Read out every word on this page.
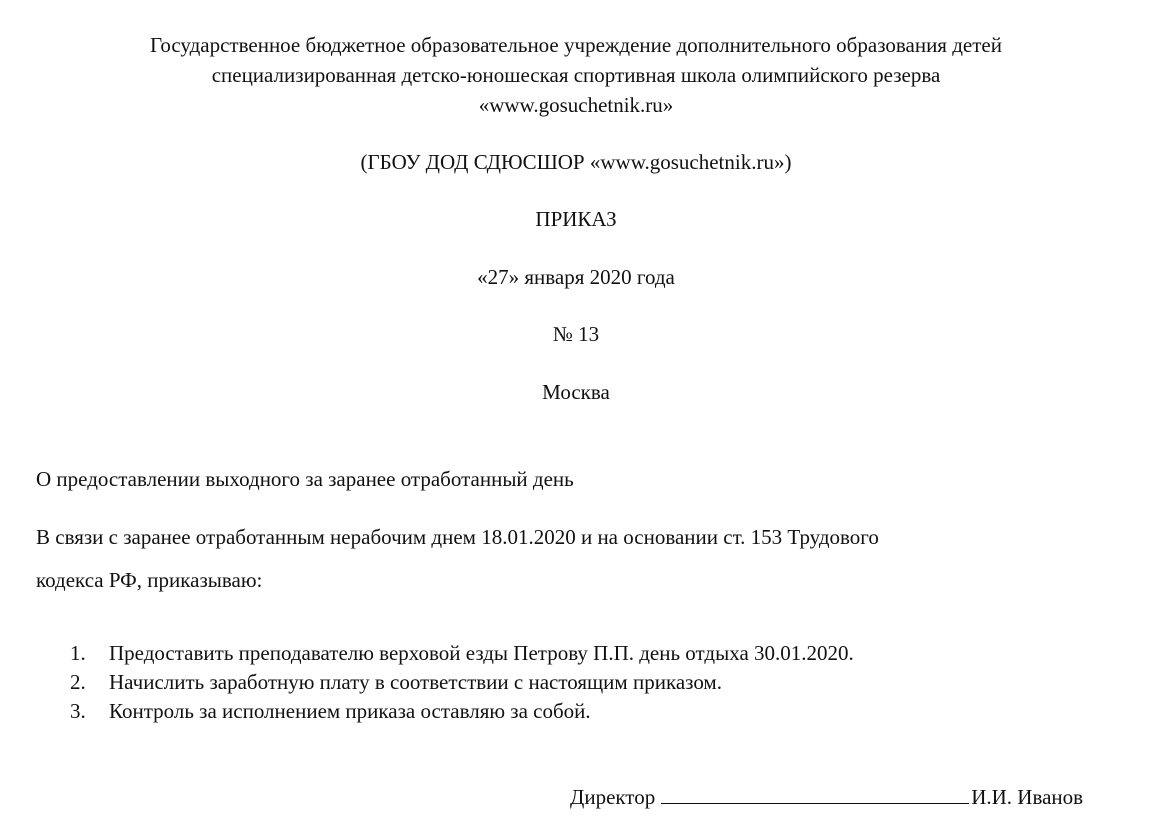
Государственное бюджетное образовательное учреждение дополнительного образования детей
специализированная детско-юношеская спортивная школа олимпийского резерва
«www.gosuchetnik.ru»
(ГБОУ ДОД СДЮСШОР «www.gosuchetnik.ru»)
ПРИКАЗ
«27» января 2020 года
№ 13
Москва
О предоставлении выходного за заранее отработанный день
В связи с заранее отработанным нерабочим днем 18.01.2020 и на основании ст. 153 Трудового
кодекса РФ, приказываю:
1. Предоставить преподавателю верховой езды Петрову П.П. день отдыха 30.01.2020.
2. Начислить заработную плату в соответствии с настоящим приказом.
3. Контроль за исполнением приказа оставляю за собой.
Директор	И.И. Иванов
